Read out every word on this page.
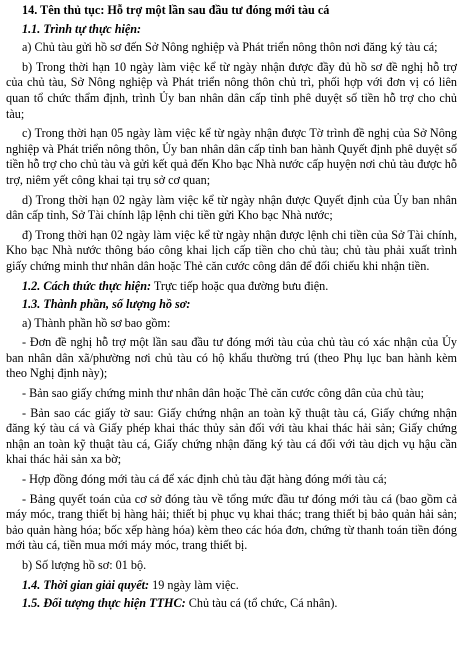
14. Tên thủ tục: Hỗ trợ một lần sau đầu tư đóng mới tàu cá

1.1. Trình tự thực hiện:

a) Chủ tàu gửi hồ sơ đến Sở Nông nghiệp và Phát triển nông thôn nơi đăng ký tàu cá;

b) Trong thời hạn 10 ngày làm việc kể từ ngày nhận được đầy đủ hồ sơ đề nghị hỗ trợ của chủ tàu, Sở Nông nghiệp và Phát triển nông thôn chủ trì, phối hợp với đơn vị có liên quan tổ chức thẩm định, trình Ủy ban nhân dân cấp tỉnh phê duyệt số tiền hỗ trợ cho chủ tàu;

c) Trong thời hạn 05 ngày làm việc kể từ ngày nhận được Tờ trình đề nghị của Sở Nông nghiệp và Phát triển nông thôn, Ủy ban nhân dân cấp tỉnh ban hành Quyết định phê duyệt số tiền hỗ trợ cho chủ tàu và gửi kết quả đến Kho bạc Nhà nước cấp huyện nơi chủ tàu được hỗ trợ, niêm yết công khai tại trụ sở cơ quan;

d) Trong thời hạn 02 ngày làm việc kể từ ngày nhận được Quyết định của Ủy ban nhân dân cấp tỉnh, Sở Tài chính lập lệnh chi tiền gửi Kho bạc Nhà nước;

đ) Trong thời hạn 02 ngày làm việc kể từ ngày nhận được lệnh chi tiền của Sở Tài chính, Kho bạc Nhà nước thông báo công khai lịch cấp tiền cho chủ tàu; chủ tàu phải xuất trình giấy chứng minh thư nhân dân hoặc Thẻ căn cước công dân để đối chiếu khi nhận tiền.

1.2. Cách thức thực hiện: Trực tiếp hoặc qua đường bưu điện.

1.3. Thành phần, số lượng hồ sơ:

a) Thành phần hồ sơ bao gồm:

- Đơn đề nghị hỗ trợ một lần sau đầu tư đóng mới tàu của chủ tàu có xác nhận của Ủy ban nhân dân xã/phường nơi chủ tàu có hộ khẩu thường trú (theo Phụ lục ban hành kèm theo Nghị định này);

- Bản sao giấy chứng minh thư nhân dân hoặc Thẻ căn cước công dân của chủ tàu;

- Bản sao các giấy tờ sau: Giấy chứng nhận an toàn kỹ thuật tàu cá, Giấy chứng nhận đăng ký tàu cá và Giấy phép khai thác thủy sản đối với tàu khai thác hải sản; Giấy chứng nhận an toàn kỹ thuật tàu cá, Giấy chứng nhận đăng ký tàu cá đối với tàu dịch vụ hậu cần khai thác hải sản xa bờ;

- Hợp đồng đóng mới tàu cá để xác định chủ tàu đặt hàng đóng mới tàu cá;

- Bảng quyết toán của cơ sở đóng tàu về tổng mức đầu tư đóng mới tàu cá (bao gồm cả máy móc, trang thiết bị hàng hải; thiết bị phục vụ khai thác; trang thiết bị bảo quản hải sản; bảo quản hàng hóa; bốc xếp hàng hóa) kèm theo các hóa đơn, chứng từ thanh toán tiền đóng mới tàu cá, tiền mua mới máy móc, trang thiết bị.

b) Số lượng hồ sơ: 01 bộ.

1.4. Thời gian giải quyết: 19 ngày làm việc.

1.5. Đối tượng thực hiện TTHC: Chủ tàu cá (tổ chức, Cá nhân).
